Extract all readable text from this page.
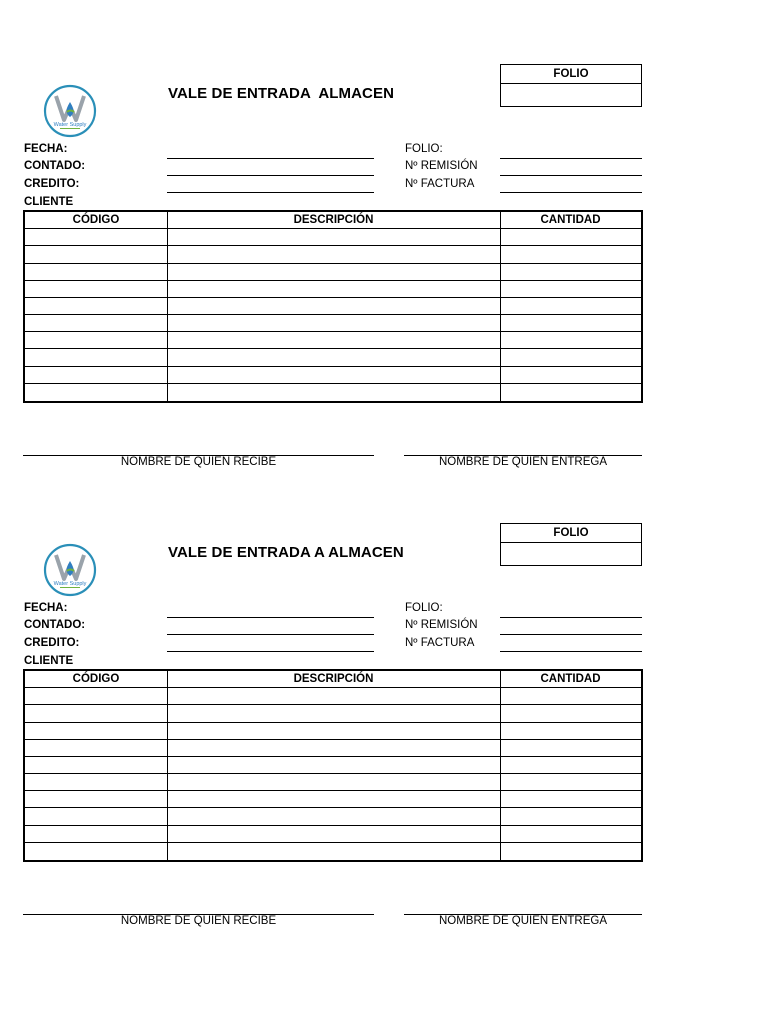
Water Supply
VALE DE ENTRADA  ALMACEN
FOLIO
FECHA:
CONTADO:
CREDITO:
CLIENTE
FOLIO:
Nº REMISIÓN
Nº FACTURA
CÓDIGO	DESCRIPCIÓN	CANTIDAD
NOMBRE DE QUIEN RECIBE	NOMBRE DE QUIEN ENTREGA
Water Supply
VALE DE ENTRADA A ALMACEN
FOLIO
FECHA:
CONTADO:
CREDITO:
CLIENTE
FOLIO:
Nº REMISIÓN
Nº FACTURA
CÓDIGO	DESCRIPCIÓN	CANTIDAD
NOMBRE DE QUIEN RECIBE	NOMBRE DE QUIEN ENTREGA
